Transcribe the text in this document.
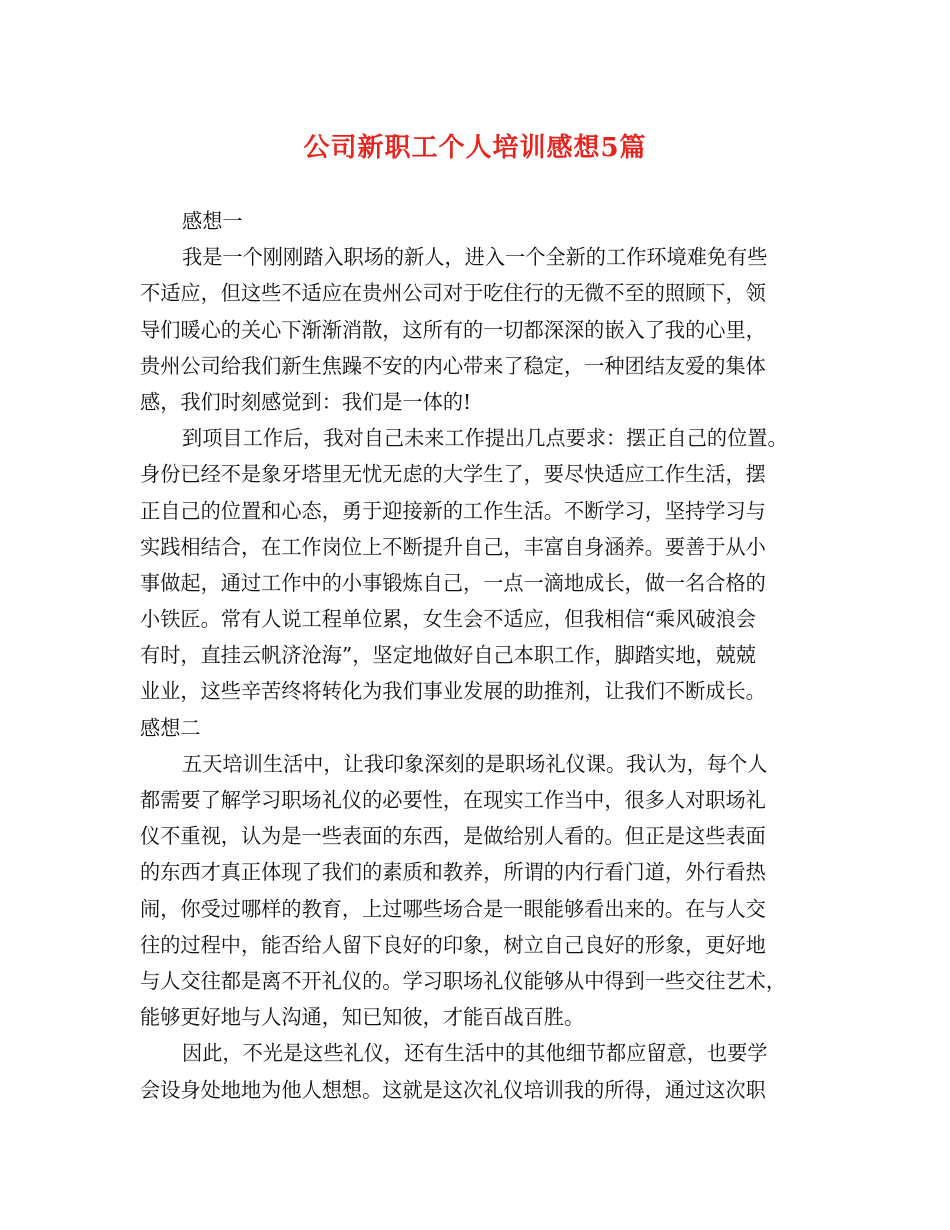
公司新职工个人培训感想5篇
感想一
我是一个刚刚踏入职场的新人，进入一个全新的工作环境难免有些
不适应，但这些不适应在贵州公司对于吃住行的无微不至的照顾下，领
导们暖心的关心下渐渐消散，这所有的一切都深深的嵌入了我的心里，
贵州公司给我们新生焦躁不安的内心带来了稳定，一种团结友爱的集体
感，我们时刻感觉到：我们是一体的!
到项目工作后，我对自己未来工作提出几点要求：摆正自己的位置。
身份已经不是象牙塔里无忧无虑的大学生了，要尽快适应工作生活，摆
正自己的位置和心态，勇于迎接新的工作生活。不断学习，坚持学习与
实践相结合，在工作岗位上不断提升自己，丰富自身涵养。要善于从小
事做起，通过工作中的小事锻炼自己，一点一滴地成长，做一名合格的
小铁匠。常有人说工程单位累，女生会不适应，但我相信“乘风破浪会
有时，直挂云帆济沧海”，坚定地做好自己本职工作，脚踏实地，兢兢
业业，这些辛苦终将转化为我们事业发展的助推剂，让我们不断成长。
感想二
五天培训生活中，让我印象深刻的是职场礼仪课。我认为，每个人
都需要了解学习职场礼仪的必要性，在现实工作当中，很多人对职场礼
仪不重视，认为是一些表面的东西，是做给别人看的。但正是这些表面
的东西才真正体现了我们的素质和教养，所谓的内行看门道，外行看热
闹，你受过哪样的教育，上过哪些场合是一眼能够看出来的。在与人交
往的过程中，能否给人留下良好的印象，树立自己良好的形象，更好地
与人交往都是离不开礼仪的。学习职场礼仪能够从中得到一些交往艺术，
能够更好地与人沟通，知已知彼，才能百战百胜。
因此，不光是这些礼仪，还有生活中的其他细节都应留意，也要学
会设身处地地为他人想想。这就是这次礼仪培训我的所得，通过这次职
